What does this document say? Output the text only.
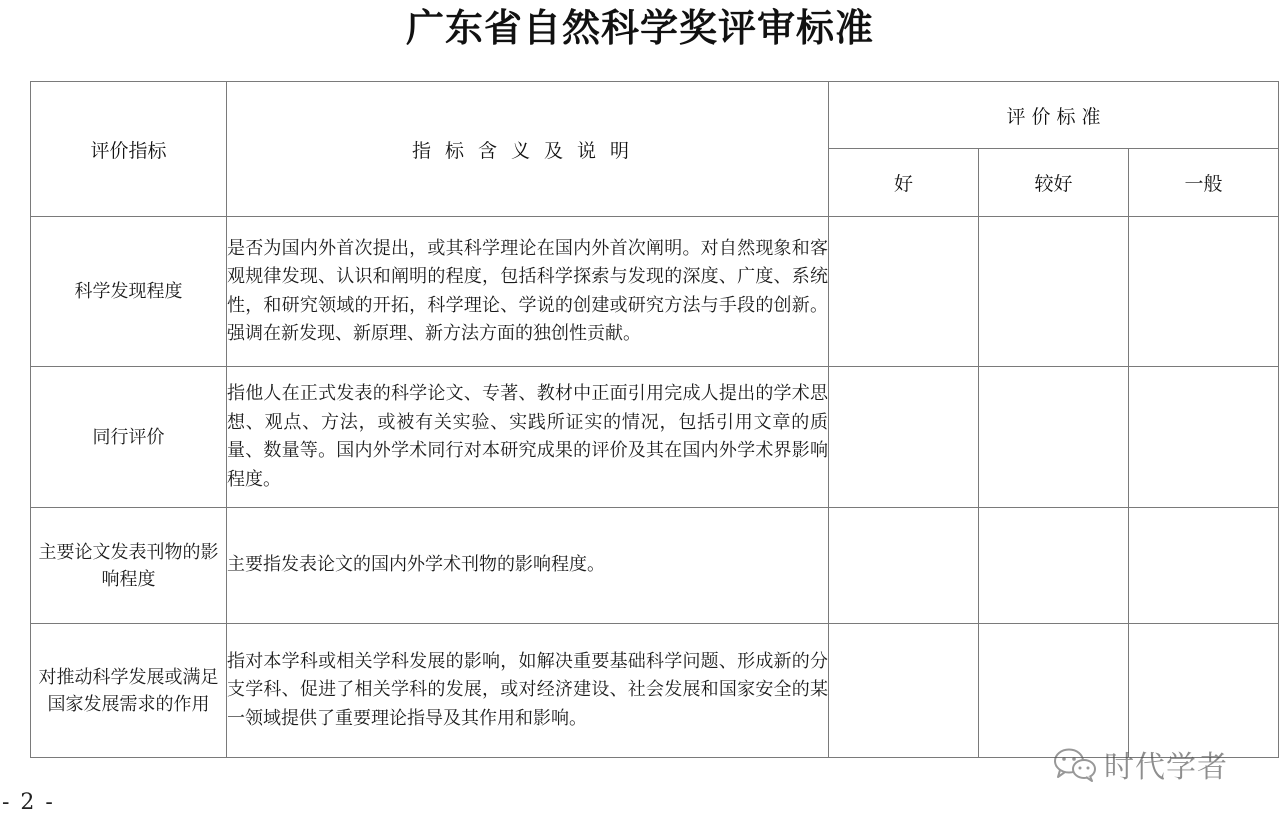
广东省自然科学奖评审标准
评价指标	指标含义及说明	评 价 标 准		
		好	较好	一般
科学发现程度	是否为国内外首次提出，或其科学理论在国内外首次阐明。对自然现象和客观规律发现、认识和阐明的程度，包括科学探索与发现的深度、广度、系统性，和研究领域的开拓，科学理论、学说的创建或研究方法与手段的创新。强调在新发现、新原理、新方法方面的独创性贡献。			
同行评价	指他人在正式发表的科学论文、专著、教材中正面引用完成人提出的学术思想、观点、方法，或被有关实验、实践所证实的情况，包括引用文章的质量、数量等。国内外学术同行对本研究成果的评价及其在国内外学术界影响程度。			
主要论文发表刊物的影响程度	主要指发表论文的国内外学术刊物的影响程度。			
对推动科学发展或满足国家发展需求的作用	指对本学科或相关学科发展的影响，如解决重要基础科学问题、形成新的分支学科、促进了相关学科的发展，或对经济建设、社会发展和国家安全的某一领域提供了重要理论指导及其作用和影响。			
时代学者
- 2 -
